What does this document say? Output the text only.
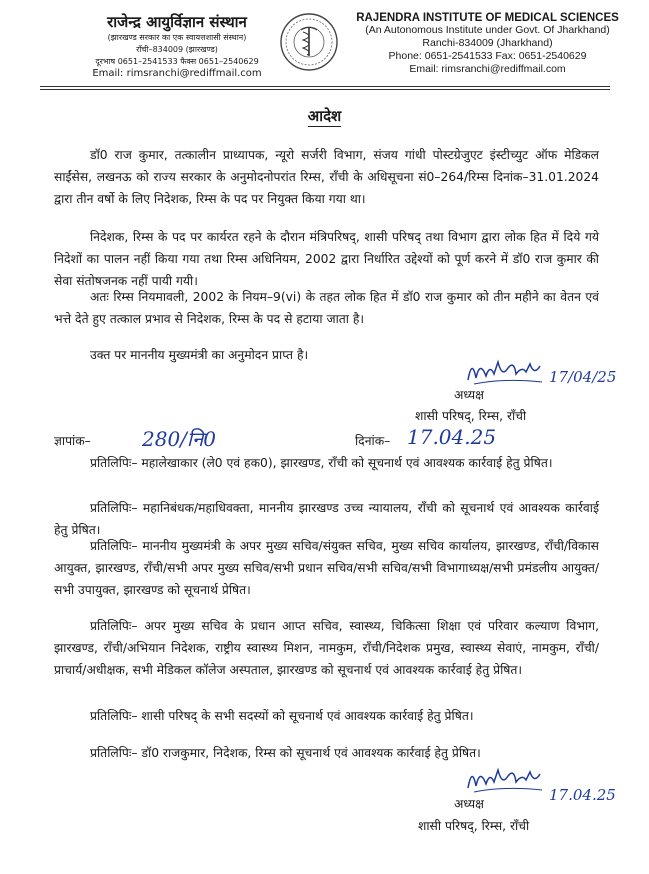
राजेन्द्र आयुर्विज्ञान संस्थान
(झारखण्ड सरकार का एक स्वायत्तशासी संस्थान)
राँची–834009 (झारखण्ड)
दूरभाष 0651–2541533 फैक्स 0651–2540629
Email: rimsranchi@rediffmail.com
RAJENDRA INSTITUTE OF MEDICAL SCIENCES
(An Autonomous Institute under Govt. Of Jharkhand)
Ranchi-834009 (Jharkhand)
Phone: 0651-2541533 Fax: 0651-2540629
Email: rimsranchi@rediffmail.com
आदेश
डॉ0 राज कुमार, तत्कालीन प्राध्यापक, न्यूरो सर्जरी विभाग, संजय गांधी पोस्टग्रेजुएट इंस्टीच्युट ऑफ मेडिकल साईंसेस, लखनऊ को राज्य सरकार के अनुमोदनोपरांत रिम्स, राँची के अधिसूचना सं0–264/रिम्स दिनांक–31.01.2024 द्वारा तीन वर्षो के लिए निदेशक, रिम्स के पद पर नियुक्त किया गया था।
निदेशक, रिम्स के पद पर कार्यरत रहने के दौरान मंत्रिपरिषद्, शासी परिषद् तथा विभाग द्वारा लोक हित में दिये गये निदेशों का पालन नहीं किया गया तथा रिम्स अधिनियम, 2002 द्वारा निर्धारित उद्देश्यों को पूर्ण करने में डॉ0 राज कुमार की सेवा संतोषजनक नहीं पायी गयी।
अतः रिम्स नियमावली, 2002 के नियम–9(vi) के तहत लोक हित में डॉ0 राज कुमार को तीन महीने का वेतन एवं भत्ते देते हुए तत्काल प्रभाव से निदेशक, रिम्स के पद से हटाया जाता है।
उक्त पर माननीय मुख्यमंत्री का अनुमोदन प्राप्त है।
17/04/25
अध्यक्ष
शासी परिषद्, रिम्स, राँची
ज्ञापांक–	280/नि0	दिनांक– 17.04.25
प्रतिलिपिः– महालेखाकार (ले0 एवं हक0), झारखण्ड, राँची को सूचनार्थ एवं आवश्यक कार्रवाई हेतु प्रेषित।
प्रतिलिपिः– महानिबंधक/महाधिवक्ता, माननीय झारखण्ड उच्च न्यायालय, राँची को सूचनार्थ एवं आवश्यक कार्रवाई हेतु प्रेषित।
प्रतिलिपिः– माननीय मुख्यमंत्री के अपर मुख्य सचिव/संयुक्त सचिव, मुख्य सचिव कार्यालय, झारखण्ड, राँची/विकास आयुक्त, झारखण्ड, राँची/सभी अपर मुख्य सचिव/सभी प्रधान सचिव/सभी सचिव/सभी विभागाध्यक्ष/सभी प्रमंडलीय आयुक्त/सभी उपायुक्त, झारखण्ड को सूचनार्थ प्रेषित।
प्रतिलिपिः– अपर मुख्य सचिव के प्रधान आप्त सचिव, स्वास्थ्य, चिकित्सा शिक्षा एवं परिवार कल्याण विभाग, झारखण्ड, राँची/अभियान निदेशक, राष्ट्रीय स्वास्थ्य मिशन, नामकुम, राँची/निदेशक प्रमुख, स्वास्थ्य सेवाएं, नामकुम, राँची/प्राचार्य/अधीक्षक, सभी मेडिकल कॉलेज अस्पताल, झारखण्ड को सूचनार्थ एवं आवश्यक कार्रवाई हेतु प्रेषित।
प्रतिलिपिः– शासी परिषद् के सभी सदस्यों को सूचनार्थ एवं आवश्यक कार्रवाई हेतु प्रेषित।
प्रतिलिपिः– डॉ0 राजकुमार, निदेशक, रिम्स को सूचनार्थ एवं आवश्यक कार्रवाई हेतु प्रेषित।
17.04.25
अध्यक्ष
शासी परिषद्, रिम्स, राँची
